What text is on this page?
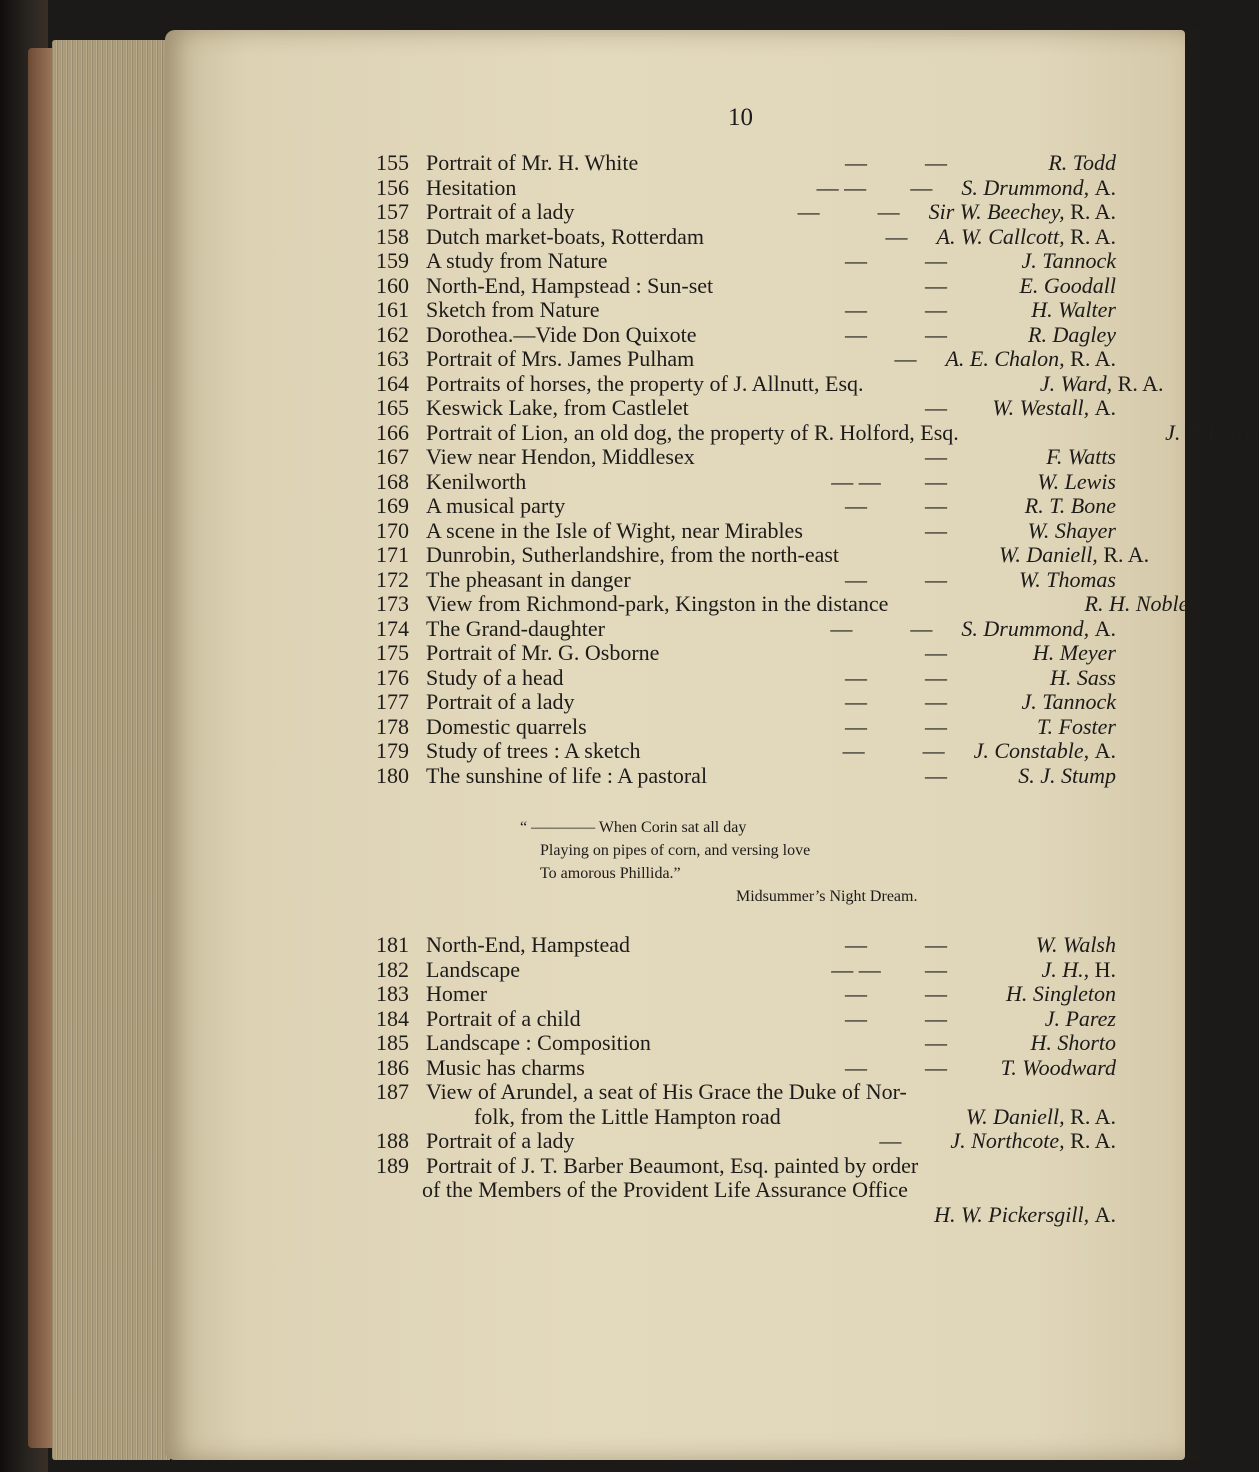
10
155 Portrait of Mr. H. White	—	—	R. Todd
156 Hesitation	— —	—	S. Drummond, A.
157 Portrait of a lady	—	—	Sir W. Beechey, R. A.
158 Dutch market-boats, Rotterdam	—	A. W. Callcott, R. A.
159 A study from Nature	—	—	J. Tannock
160 North-End, Hampstead : Sun-set	—	E. Goodall
161 Sketch from Nature	—	—	H. Walter
162 Dorothea.—Vide Don Quixote	—	—	R. Dagley
163 Portrait of Mrs. James Pulham	—	A. E. Chalon, R. A.
164 Portraits of horses, the property of J. Allnutt, Esq.	J. Ward, R. A.
165 Keswick Lake, from Castlelet	—	W. Westall, A.
166 Portrait of Lion, an old dog, the property of R. Holford, Esq.	J. F. Lewis
167 View near Hendon, Middlesex	—	F. Watts
168 Kenilworth	— —	—	W. Lewis
169 A musical party	—	—	R. T. Bone
170 A scene in the Isle of Wight, near Mirables	—	W. Shayer
171 Dunrobin, Sutherlandshire, from the north-east	W. Daniell, R. A.
172 The pheasant in danger	—	—	W. Thomas
173 View from Richmond-park, Kingston in the distance	R. H. Noble
174 The Grand-daughter	—	—	S. Drummond, A.
175 Portrait of Mr. G. Osborne	—	H. Meyer
176 Study of a head	—	—	H. Sass
177 Portrait of a lady	—	—	J. Tannock
178 Domestic quarrels	—	—	T. Foster
179 Study of trees : A sketch	—	—	J. Constable, A.
180 The sunshine of life : A pastoral	—	S. J. Stump
“ ———— When Corin sat all day
Playing on pipes of corn, and versing love
To amorous Phillida.”
Midsummer’s Night Dream.
181 North-End, Hampstead	—	—	W. Walsh
182 Landscape	— —	—	J. H., H.
183 Homer	—	—	H. Singleton
184 Portrait of a child	—	—	J. Parez
185 Landscape : Composition	—	H. Shorto
186 Music has charms	—	—	T. Woodward
187 View of Arundel, a seat of His Grace the Duke of Nor-
folk, from the Little Hampton road	W. Daniell, R. A.
188 Portrait of a lady	—	J. Northcote, R. A.
189 Portrait of J. T. Barber Beaumont, Esq. painted by order
of the Members of the Provident Life Assurance Office
H. W. Pickersgill, A.
